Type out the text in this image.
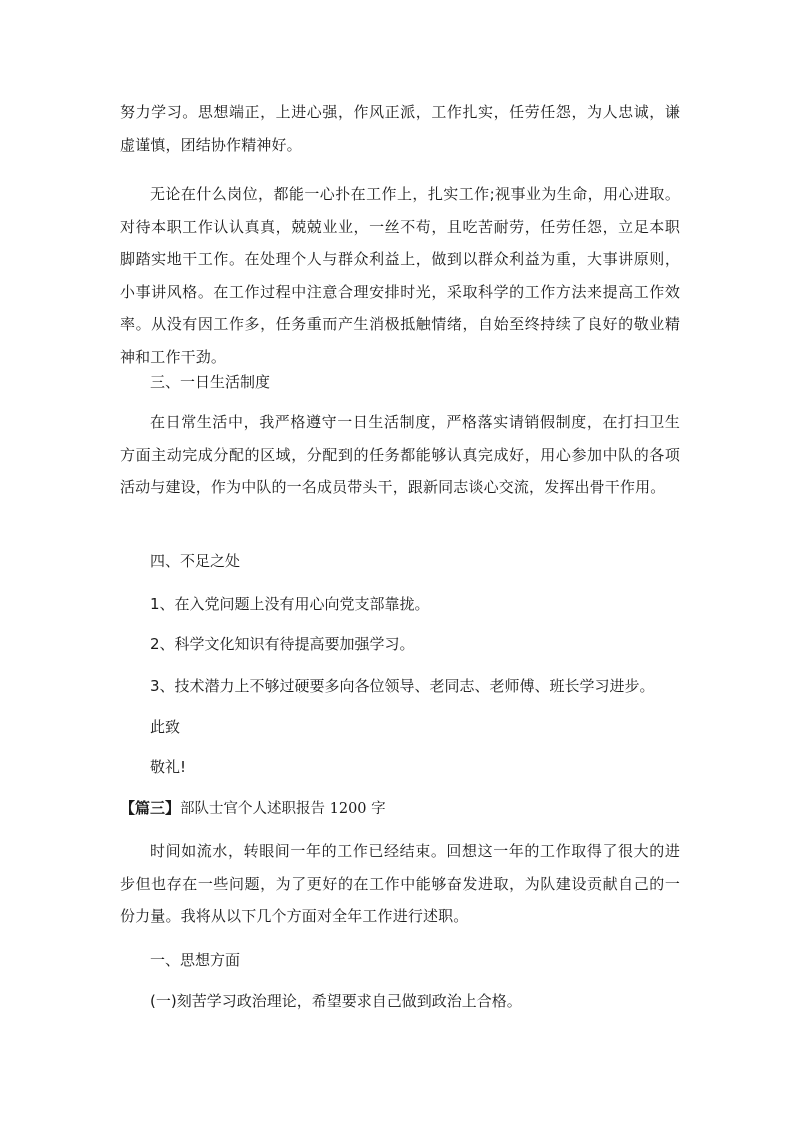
努力学习。思想端正，上进心强，作风正派，工作扎实，任劳任怨，为人忠诚，谦虚谨慎，团结协作精神好。

无论在什么岗位，都能一心扑在工作上，扎实工作;视事业为生命，用心进取。对待本职工作认认真真，兢兢业业，一丝不苟，且吃苦耐劳，任劳任怨，立足本职脚踏实地干工作。在处理个人与群众利益上，做到以群众利益为重，大事讲原则，小事讲风格。在工作过程中注意合理安排时光，采取科学的工作方法来提高工作效率。从没有因工作多，任务重而产生消极抵触情绪，自始至终持续了良好的敬业精神和工作干劲。

三、一日生活制度

在日常生活中，我严格遵守一日生活制度，严格落实请销假制度，在打扫卫生方面主动完成分配的区域，分配到的任务都能够认真完成好，用心参加中队的各项活动与建设，作为中队的一名成员带头干，跟新同志谈心交流，发挥出骨干作用。

四、不足之处

1、在入党问题上没有用心向党支部靠拢。

2、科学文化知识有待提高要加强学习。

3、技术潜力上不够过硬要多向各位领导、老同志、老师傅、班长学习进步。

此致

敬礼!

【篇三】部队士官个人述职报告 1200 字

时间如流水，转眼间一年的工作已经结束。回想这一年的工作取得了很大的进步但也存在一些问题，为了更好的在工作中能够奋发进取，为队建设贡献自己的一份力量。我将从以下几个方面对全年工作进行述职。

一、思想方面

(一)刻苦学习政治理论，希望要求自己做到政治上合格。
